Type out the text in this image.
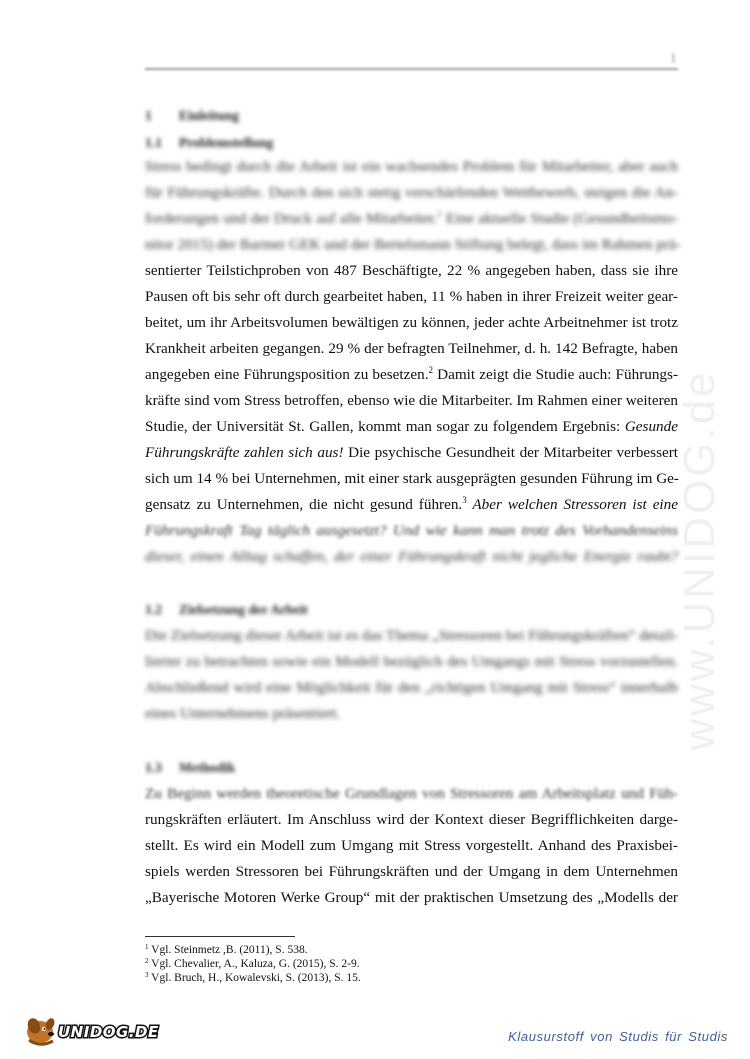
www.UNIDOG.de
1
1 Einleitung
1.1 Problemstellung
Stress bedingt durch die Arbeit ist ein wachsendes Problem für Mitarbeiter, aber auch
für Führungskräfte. Durch den sich stetig verschärfenden Wettbewerb, steigen die An-
forderungen und der Druck auf alle Mitarbeiter.$^1$ Eine aktuelle Studie (Gesundheitsmo-
nitor 2015) der Barmer GEK und der Bertelsmann Stiftung belegt, dass im Rahmen prä-
sentierter Teilstichproben von 487 Beschäftigte, 22 % angegeben haben, dass sie ihre
Pausen oft bis sehr oft durch gearbeitet haben, 11 % haben in ihrer Freizeit weiter gear-
beitet, um ihr Arbeitsvolumen bewältigen zu können, jeder achte Arbeitnehmer ist trotz
Krankheit arbeiten gegangen. 29 % der befragten Teilnehmer, d. h. 142 Befragte, haben
angegeben eine Führungsposition zu besetzen.$^2$ Damit zeigt die Studie auch: Führungs-
kräfte sind vom Stress betroffen, ebenso wie die Mitarbeiter. Im Rahmen einer weiteren
Studie, der Universität St. Gallen, kommt man sogar zu folgendem Ergebnis: Gesunde
Führungskräfte zahlen sich aus! Die psychische Gesundheit der Mitarbeiter verbessert
sich um 14 % bei Unternehmen, mit einer stark ausgeprägten gesunden Führung im Ge-
gensatz zu Unternehmen, die nicht gesund führen.$^3$ Aber welchen Stressoren ist eine
Führungskraft Tag täglich ausgesetzt? Und wie kann man trotz des Vorhandenseins
dieser, einen Alltag schaffen, der einer Führungskraft nicht jegliche Energie raubt?
1.2 Zielsetzung der Arbeit
Die Zielsetzung dieser Arbeit ist es das Thema „Stressoren bei Führungskräften“ detail-
lierter zu betrachten sowie ein Modell bezüglich des Umgangs mit Stress vorzustellen.
Abschließend wird eine Möglichkeit für den „richtigen Umgang mit Stress“ innerhalb
eines Unternehmens präsentiert.
1.3 Methodik
Zu Beginn werden theoretische Grundlagen von Stressoren am Arbeitsplatz und Füh-
rungskräften erläutert. Im Anschluss wird der Kontext dieser Begrifflichkeiten darge-
stellt. Es wird ein Modell zum Umgang mit Stress vorgestellt. Anhand des Praxisbei-
spiels werden Stressoren bei Führungskräften und der Umgang in dem Unternehmen
„Bayerische Motoren Werke Group“ mit der praktischen Umsetzung des „Modells der
$^1$ Vgl. Steinmetz ,B. (2011), S. 538.
$^2$ Vgl. Chevalier, A., Kaluza, G. (2015), S. 2-9.
$^3$ Vgl. Bruch, H., Kowalevski, S. (2013), S. 15.
UNIDOG.DE	Klausurstoff von Studis für Studis
